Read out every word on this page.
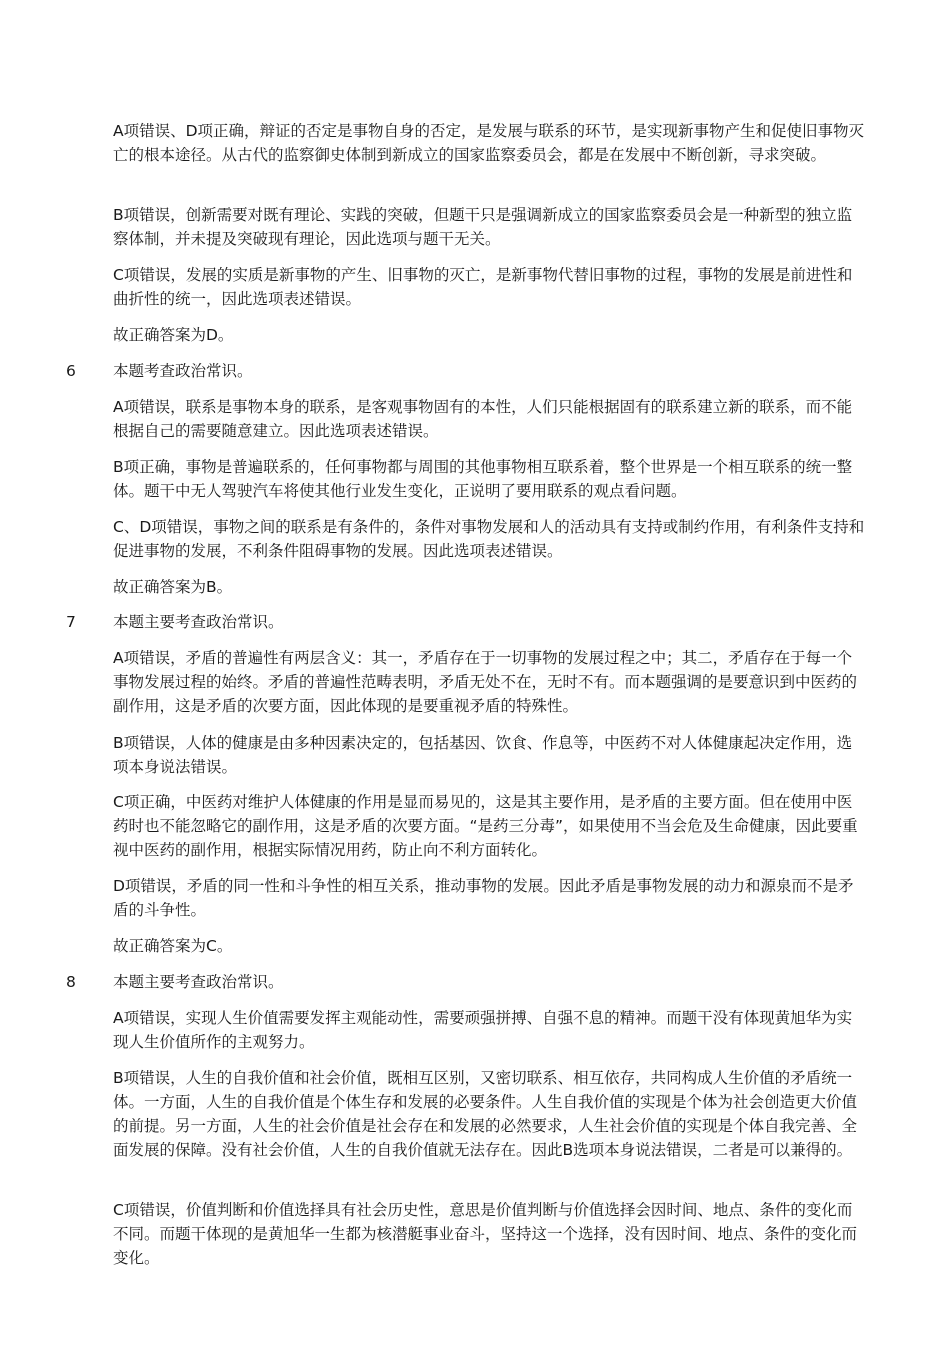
A项错误、D项正确，辩证的否定是事物自身的否定，是发展与联系的环节，是实现新事物产生和促使旧事物灭亡的根本途径。从古代的监察御史体制到新成立的国家监察委员会，都是在发展中不断创新，寻求突破。

B项错误，创新需要对既有理论、实践的突破，但题干只是强调新成立的国家监察委员会是一种新型的独立监察体制，并未提及突破现有理论，因此选项与题干无关。

C项错误，发展的实质是新事物的产生、旧事物的灭亡，是新事物代替旧事物的过程，事物的发展是前进性和曲折性的统一，因此选项表述错误。

故正确答案为D。

6 本题考查政治常识。

A项错误，联系是事物本身的联系，是客观事物固有的本性，人们只能根据固有的联系建立新的联系，而不能根据自己的需要随意建立。因此选项表述错误。

B项正确，事物是普遍联系的，任何事物都与周围的其他事物相互联系着，整个世界是一个相互联系的统一整体。题干中无人驾驶汽车将使其他行业发生变化，正说明了要用联系的观点看问题。

C、D项错误，事物之间的联系是有条件的，条件对事物发展和人的活动具有支持或制约作用，有利条件支持和促进事物的发展，不利条件阻碍事物的发展。因此选项表述错误。

故正确答案为B。

7 本题主要考查政治常识。

A项错误，矛盾的普遍性有两层含义：其一，矛盾存在于一切事物的发展过程之中；其二，矛盾存在于每一个事物发展过程的始终。矛盾的普遍性范畴表明，矛盾无处不在，无时不有。而本题强调的是要意识到中医药的副作用，这是矛盾的次要方面，因此体现的是要重视矛盾的特殊性。

B项错误，人体的健康是由多种因素决定的，包括基因、饮食、作息等，中医药不对人体健康起决定作用，选项本身说法错误。

C项正确，中医药对维护人体健康的作用是显而易见的，这是其主要作用，是矛盾的主要方面。但在使用中医药时也不能忽略它的副作用，这是矛盾的次要方面。“是药三分毒”，如果使用不当会危及生命健康，因此要重视中医药的副作用，根据实际情况用药，防止向不利方面转化。

D项错误，矛盾的同一性和斗争性的相互关系，推动事物的发展。因此矛盾是事物发展的动力和源泉而不是矛盾的斗争性。

故正确答案为C。

8 本题主要考查政治常识。

A项错误，实现人生价值需要发挥主观能动性，需要顽强拼搏、自强不息的精神。而题干没有体现黄旭华为实现人生价值所作的主观努力。

B项错误，人生的自我价值和社会价值，既相互区别，又密切联系、相互依存，共同构成人生价值的矛盾统一体。一方面，人生的自我价值是个体生存和发展的必要条件。人生自我价值的实现是个体为社会创造更大价值的前提。另一方面，人生的社会价值是社会存在和发展的必然要求，人生社会价值的实现是个体自我完善、全面发展的保障。没有社会价值，人生的自我价值就无法存在。因此B选项本身说法错误，二者是可以兼得的。

C项错误，价值判断和价值选择具有社会历史性，意思是价值判断与价值选择会因时间、地点、条件的变化而不同。而题干体现的是黄旭华一生都为核潜艇事业奋斗，坚持这一个选择，没有因时间、地点、条件的变化而变化。
